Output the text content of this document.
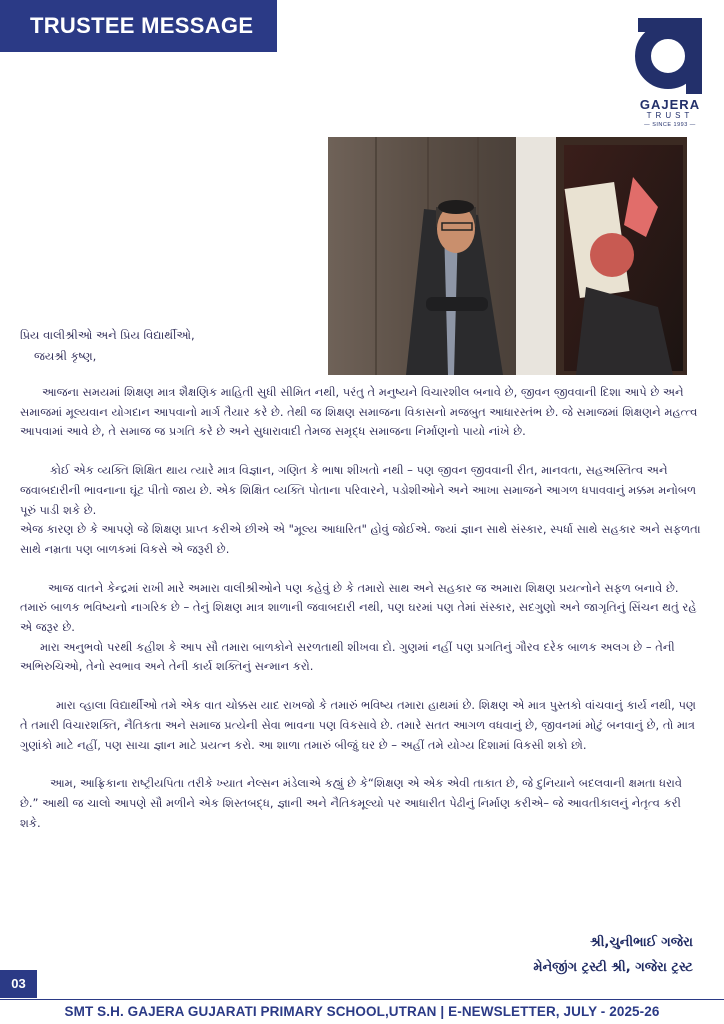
TRUSTEE MESSAGE
GAJERA
TRUST
— SINCE 1993 —
પ્રિય વાલીશ્રીઓ અને પ્રિય વિદ્યાર્થીઓ,
જયશ્રી કૃષ્ણ,

આજના સમયમાં શિક્ષણ માત્ર શૈક્ષણિક માહિતી સુધી સીમિત નથી, પરંતુ તે મનુષ્યને વિચારશીલ બનાવે છે, જીવન જીવવાની દિશા આપે છે અને સમાજમાં મૂલ્યવાન યોગદાન આપવાનો માર્ગ તૈયાર કરે છે. તેથી જ શિક્ષણ સમાજના વિકાસનો મજબુત આધારસ્તંભ છે. જે સમાજમાં શિક્ષણને મહત્ત્વ આપવામાં આવે છે, તે સમાજ જ પ્રગતિ કરે છે અને સુધારાવાદી તેમજ સમૃદ્ધ સમાજના નિર્માણનો પાયો નાંખે છે.

કોઈ એક વ્યક્તિ શિક્ષિત થાય ત્યારે માત્ર વિજ્ઞાન, ગણિત કે ભાષા શીખતો નથી – પણ જીવન જીવવાની રીત, માનવતા, સહઅસ્તિત્વ અને જવાબદારીની ભાવનાના ઘૂંટ પીતો જાય છે. એક શિક્ષિત વ્યક્તિ પોતાના પરિવારને, પડોશીઓને અને આખા સમાજને આગળ ધપાવવાનું મક્કમ મનોબળ પૂરું પાડી શકે છે.

એજ કારણ છે કે આપણે જે શિક્ષણ પ્રાપ્ત કરીએ છીએ એ "મૂલ્ય આધારિત" હોવું જોઈએ. જ્યાં જ્ઞાન સાથે સંસ્કાર, સ્પર્ધા સાથે સહકાર અને સફળતા સાથે નમ્રતા પણ બાળકમાં વિકસે એ જરૂરી છે.

આજ વાતને કેન્દ્રમાં રાખી મારે અમારા વાલીશ્રીઓને પણ કહેવું છે કે તમારો સાથ અને સહકાર જ અમારા શિક્ષણ પ્રયત્નોને સફળ બનાવે છે. તમારું બાળક ભવિષ્યનો નાગરિક છે – તેનું શિક્ષણ માત્ર શાળાની જવાબદારી નથી, પણ ઘરમાં પણ તેમાં સંસ્કાર, સદગુણો અને જાગૃતિનું સિંચન થતું રહે એ જરૂર છે.

મારા અનુભવો પરથી કહીશ કે આપ સૌ તમારા બાળકોને સરળતાથી શીખવા દો. ગુણમાં નહીં પણ પ્રગતિનું ગૌરવ દરેક બાળક અલગ છે – તેની અભિરુચિઓ, તેનો સ્વભાવ અને તેની કાર્ય શક્તિનું સન્માન કરો.

મારા વ્હાલા વિદ્યાર્થીઓ તમે એક વાત ચોક્કસ યાદ રાખજો કે તમારું ભવિષ્ય તમારા હાથમાં છે. શિક્ષણ એ માત્ર પુસ્તકો વાંચવાનું કાર્ય નથી, પણ તે તમારી વિચારશક્તિ, નૈતિકતા અને સમાજ પ્રત્યેની સેવા ભાવના પણ વિકસાવે છે. તમારે સતત આગળ વધવાનું છે, જીવનમાં મોટું બનવાનું છે, તો માત્ર ગુણાંકો માટે નહીં, પણ સાચા જ્ઞાન માટે પ્રયત્ન કરો. આ શાળા તમારું બીજું ઘર છે – અહીં તમે યોગ્ય દિશામાં વિકસી શકો છો.

આમ, આફ્રિકાના રાષ્ટ્રીયપિતા તરીકે ખ્યાત નેલ્સન મંડેલાએ કહ્યું છે કે“શિક્ષણ એ એક એવી તાકાત છે, જે દુનિયાને બદલવાની ક્ષમતા ધરાવે છે.” આથી જ ચાલો આપણે સૌ મળીને એક શિસ્તબદ્ધ, જ્ઞાની અને નૈતિકમૂલ્યો પર આધારીત પેઢીનું નિર્માણ કરીએ– જે આવતીકાલનું નેતૃત્વ કરી શકે.

શ્રી,ચુનીભાઈ ગજેરા
મેનેજીંગ ટ્રસ્ટી શ્રી, ગજેરા ટ્રસ્ટ
03
SMT S.H. GAJERA GUJARATI PRIMARY SCHOOL,UTRAN | E-NEWSLETTER, JULY - 2025-26
